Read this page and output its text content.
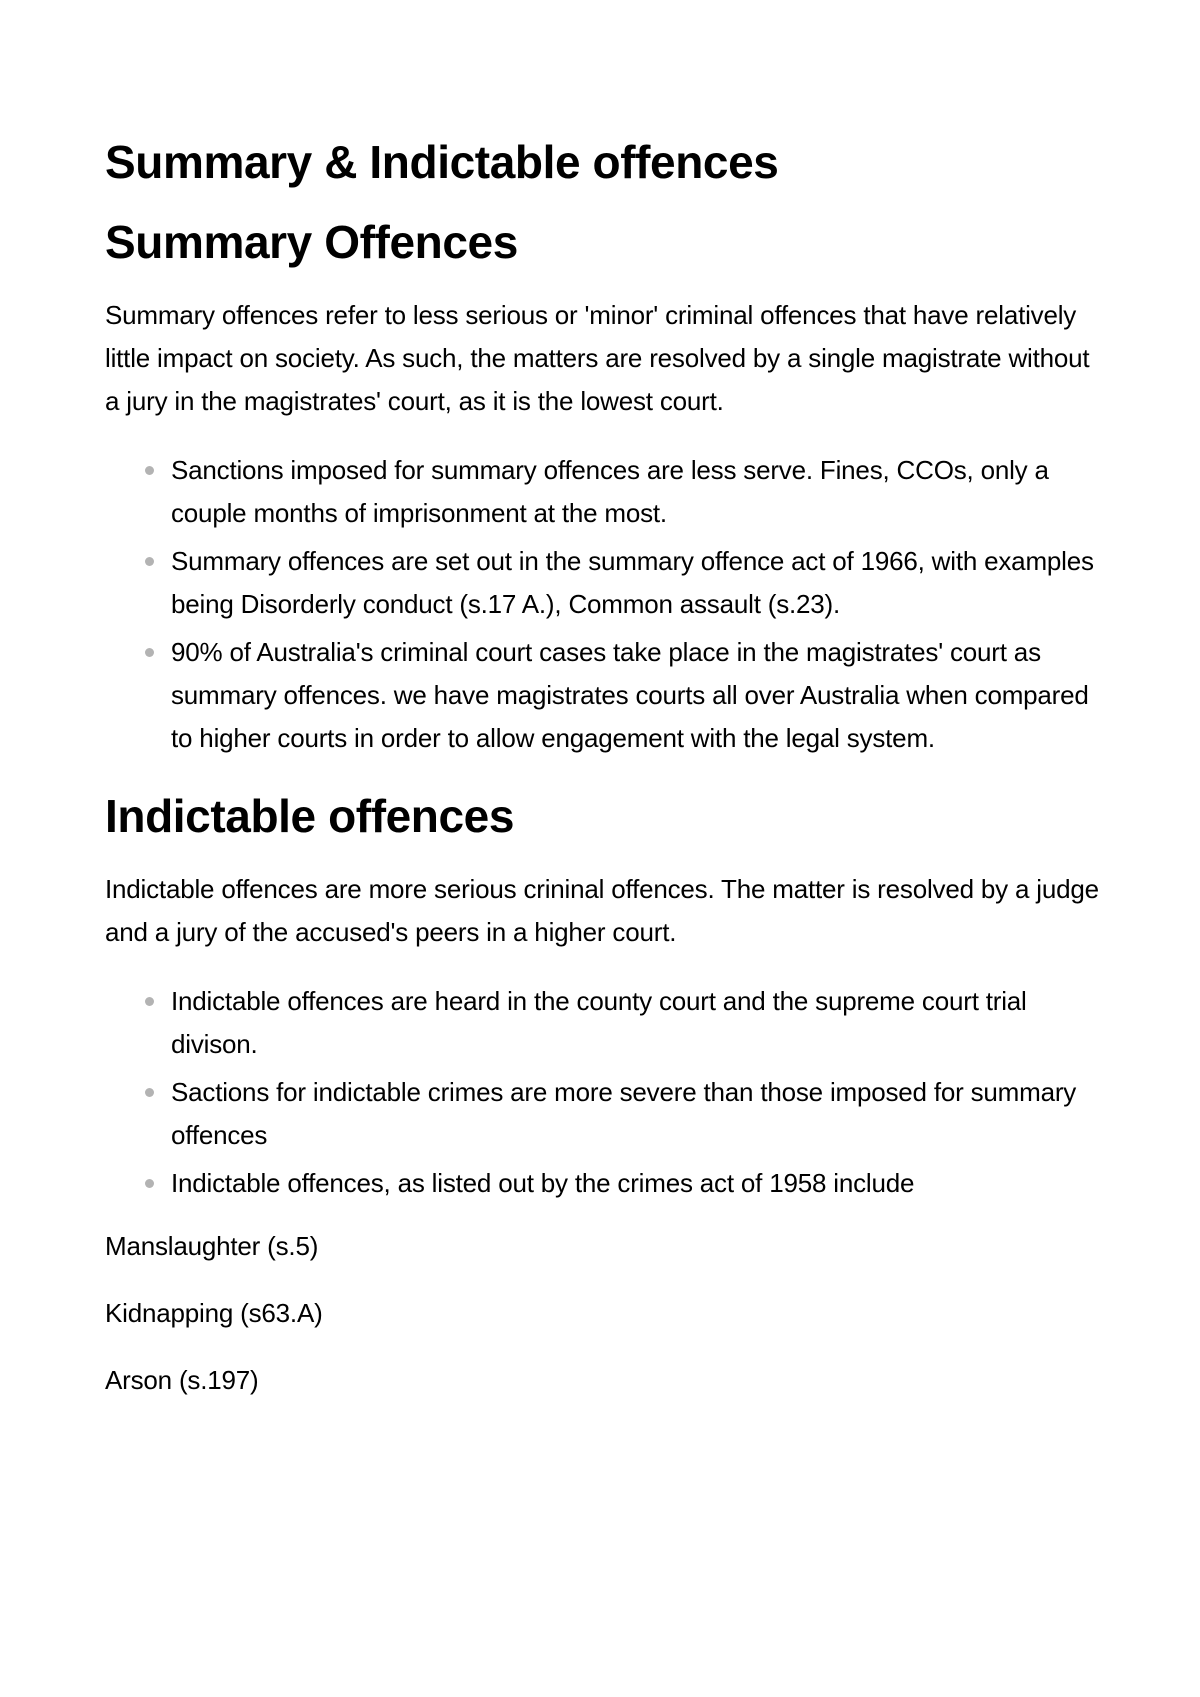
Summary & Indictable offences
Summary Offences

Summary offences refer to less serious or 'minor' criminal offences that have relatively little impact on society. As such, the matters are resolved by a single magistrate without a jury in the magistrates' court, as it is the lowest court.

Sanctions imposed for summary offences are less serve. Fines, CCOs, only a couple months of imprisonment at the most.
Summary offences are set out in the summary offence act of 1966, with examples being Disorderly conduct (s.17 A.), Common assault (s.23).
90% of Australia's criminal court cases take place in the magistrates' court as summary offences. we have magistrates courts all over Australia when compared to higher courts in order to allow engagement with the legal system.
Indictable offences

Indictable offences are more serious crininal offences. The matter is resolved by a judge and a jury of the accused's peers in a higher court.

Indictable offences are heard in the county court and the supreme court trial divison.
Sactions for indictable crimes are more severe than those imposed for summary offences
Indictable offences, as listed out by the crimes act of 1958 include

Manslaughter (s.5)

Kidnapping (s63.A)

Arson (s.197)
